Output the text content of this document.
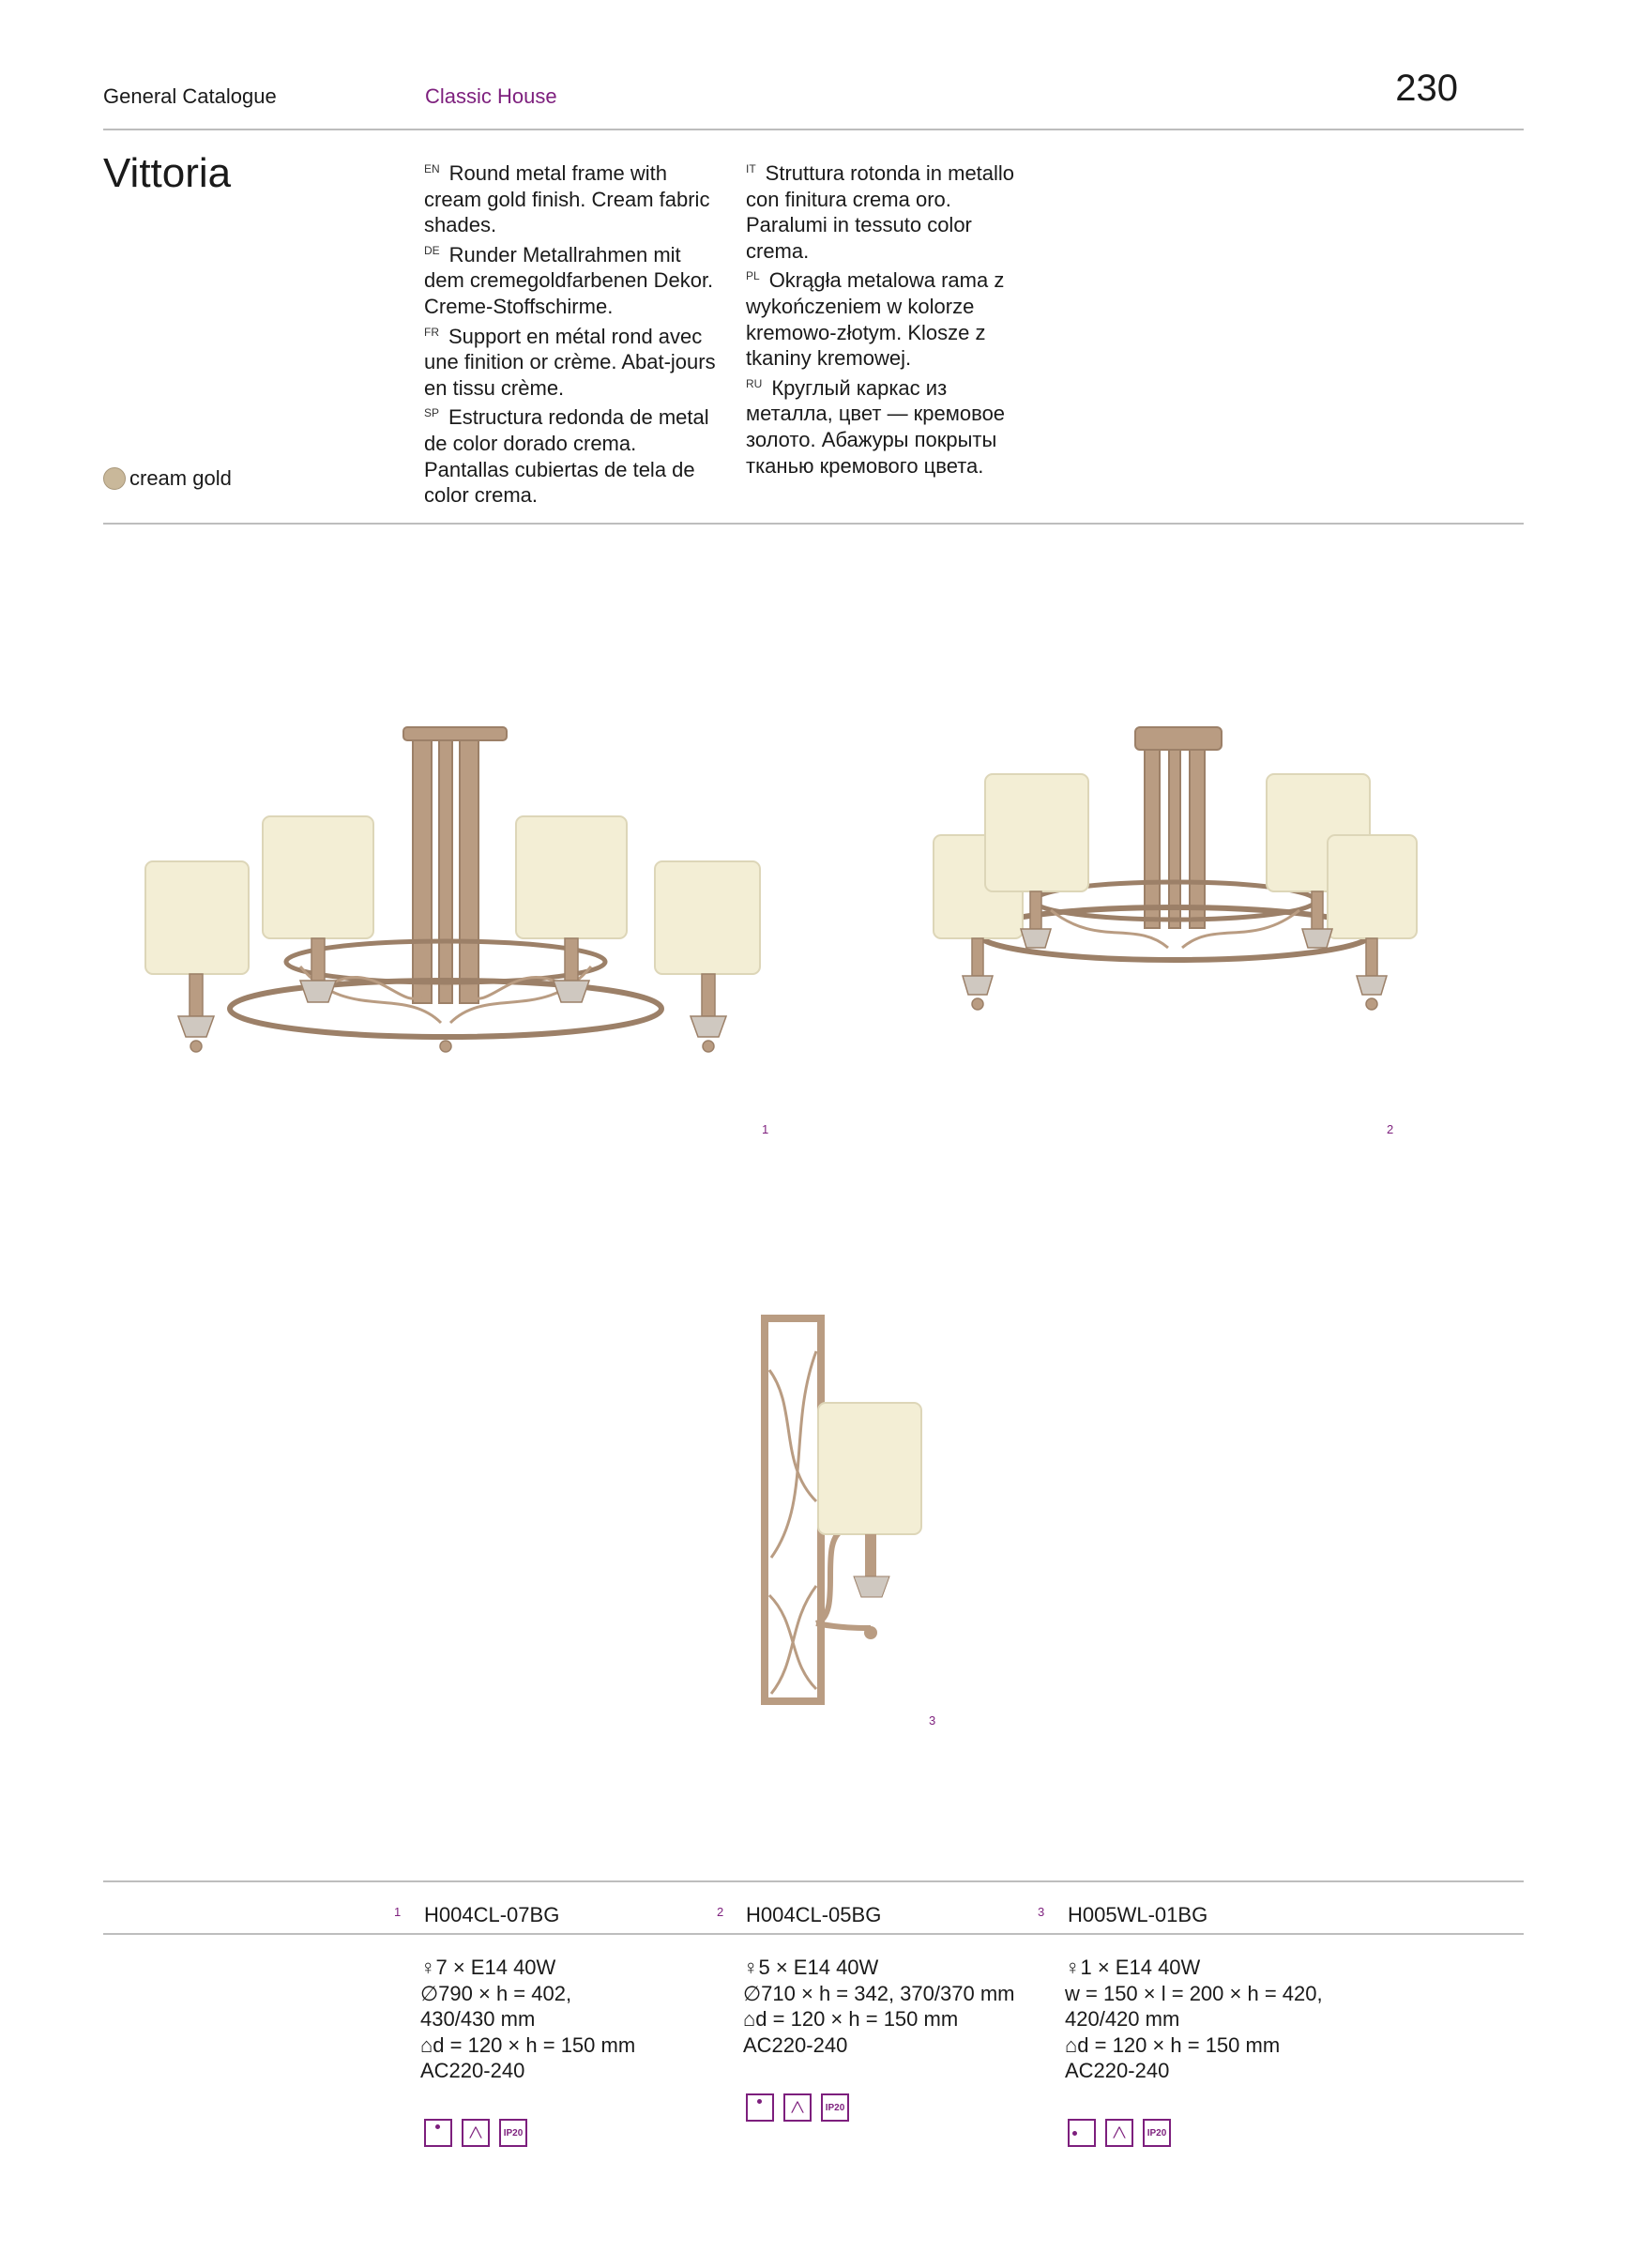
General Catalogue	Classic House	230
Vittoria	$^{EN}$ Round metal frame with cream gold finish. Cream fabric shades.

$^{DE}$ Runder Metallrahmen mit dem cremegoldfarbenen Dekor. Creme-Stoffschirme.

$^{FR}$ Support en métal rond avec une finition or crème. Abat-jours en tissu crème.

$^{SP}$ Estructura redonda de metal de color dorado crema. Pantallas cubiertas de tela de color crema.

$^{IT}$ Struttura rotonda in metallo con finitura crema oro. Paralumi in tessuto color crema.

$^{PL}$ Okrągła metalowa rama z wykończeniem w kolorze kremowo-złotym. Klosze z tkaniny kremowej.

$^{RU}$ Круглый каркас из металла, цвет — кремовое золото. Абажуры покрыты тканью кремового цвета.

cream gold
1	2
3
1 H004CL-07BG	2 H004CL-05BG	3 H005WL-01BG
♀7 × E14 40W
∅790 × h = 402,
430/430 mm
⌂d = 120 × h = 150 mm
AC220-240
╱╲ IP20
♀5 × E14 40W
∅710 × h = 342, 370/370 mm
⌂d = 120 × h = 150 mm
AC220-240
╱╲ IP20
♀1 × E14 40W
w = 150 × l = 200 × h = 420,
420/420 mm
⌂d = 120 × h = 150 mm
AC220-240
╱╲ IP20
